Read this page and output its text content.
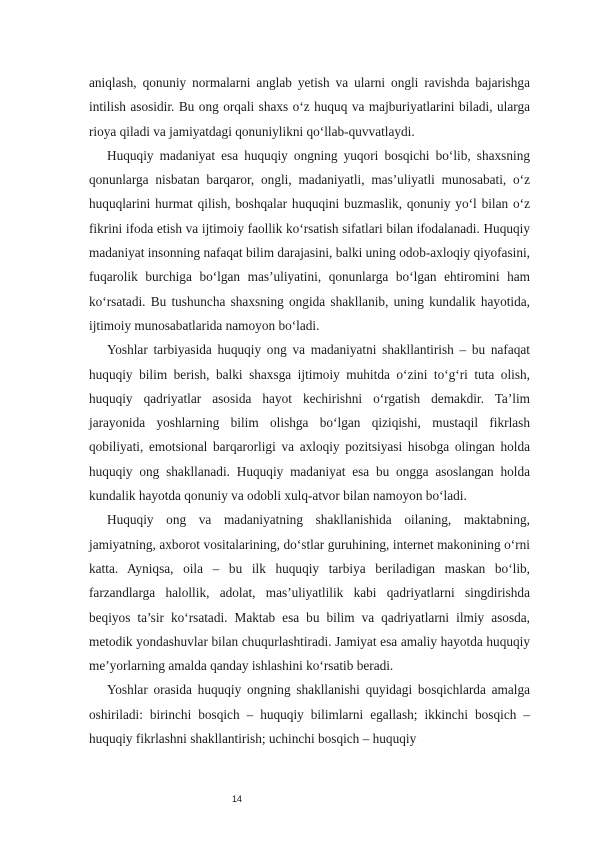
aniqlash, qonuniy normalarni anglab yetish va ularni ongli ravishda bajarishga intilish asosidir. Bu ong orqali shaxs o‘z huquq va majburiyatlarini biladi, ularga rioya qiladi va jamiyatdagi qonuniylikni qo‘llab-quvvatlaydi.

Huquqiy madaniyat esa huquqiy ongning yuqori bosqichi bo‘lib, shaxsning qonunlarga nisbatan barqaror, ongli, madaniyatli, mas’uliyatli munosabati, o‘z huquqlarini hurmat qilish, boshqalar huquqini buzmaslik, qonuniy yo‘l bilan o‘z fikrini ifoda etish va ijtimoiy faollik ko‘rsatish sifatlari bilan ifodalanadi. Huquqiy madaniyat insonning nafaqat bilim darajasini, balki uning odob-axloqiy qiyofasini, fuqarolik burchiga bo‘lgan mas’uliyatini, qonunlarga bo‘lgan ehtiromini ham ko‘rsatadi. Bu tushuncha shaxsning ongida shakllanib, uning kundalik hayotida, ijtimoiy munosabatlarida namoyon bo‘ladi.

Yoshlar tarbiyasida huquqiy ong va madaniyatni shakllantirish – bu nafaqat huquqiy bilim berish, balki shaxsga ijtimoiy muhitda o‘zini to‘g‘ri tuta olish, huquqiy qadriyatlar asosida hayot kechirishni o‘rgatish demakdir. Ta’lim jarayonida yoshlarning bilim olishga bo‘lgan qiziqishi, mustaqil fikrlash qobiliyati, emotsional barqarorligi va axloqiy pozitsiyasi hisobga olingan holda huquqiy ong shakllanadi. Huquqiy madaniyat esa bu ongga asoslangan holda kundalik hayotda qonuniy va odobli xulq-atvor bilan namoyon bo‘ladi.

Huquqiy ong va madaniyatning shakllanishida oilaning, maktabning, jamiyatning, axborot vositalarining, do‘stlar guruhining, internet makonining o‘rni katta. Ayniqsa, oila – bu ilk huquqiy tarbiya beriladigan maskan bo‘lib, farzandlarga halollik, adolat, mas’uliyatlilik kabi qadriyatlarni singdirishda beqiyos ta’sir ko‘rsatadi. Maktab esa bu bilim va qadriyatlarni ilmiy asosda, metodik yondashuvlar bilan chuqurlashtiradi. Jamiyat esa amaliy hayotda huquqiy me’yorlarning amalda qanday ishlashini ko‘rsatib beradi.

Yoshlar orasida huquqiy ongning shakllanishi quyidagi bosqichlarda amalga oshiriladi: birinchi bosqich – huquqiy bilimlarni egallash; ikkinchi bosqich – huquqiy fikrlashni shakllantirish; uchinchi bosqich – huquqiy

14
